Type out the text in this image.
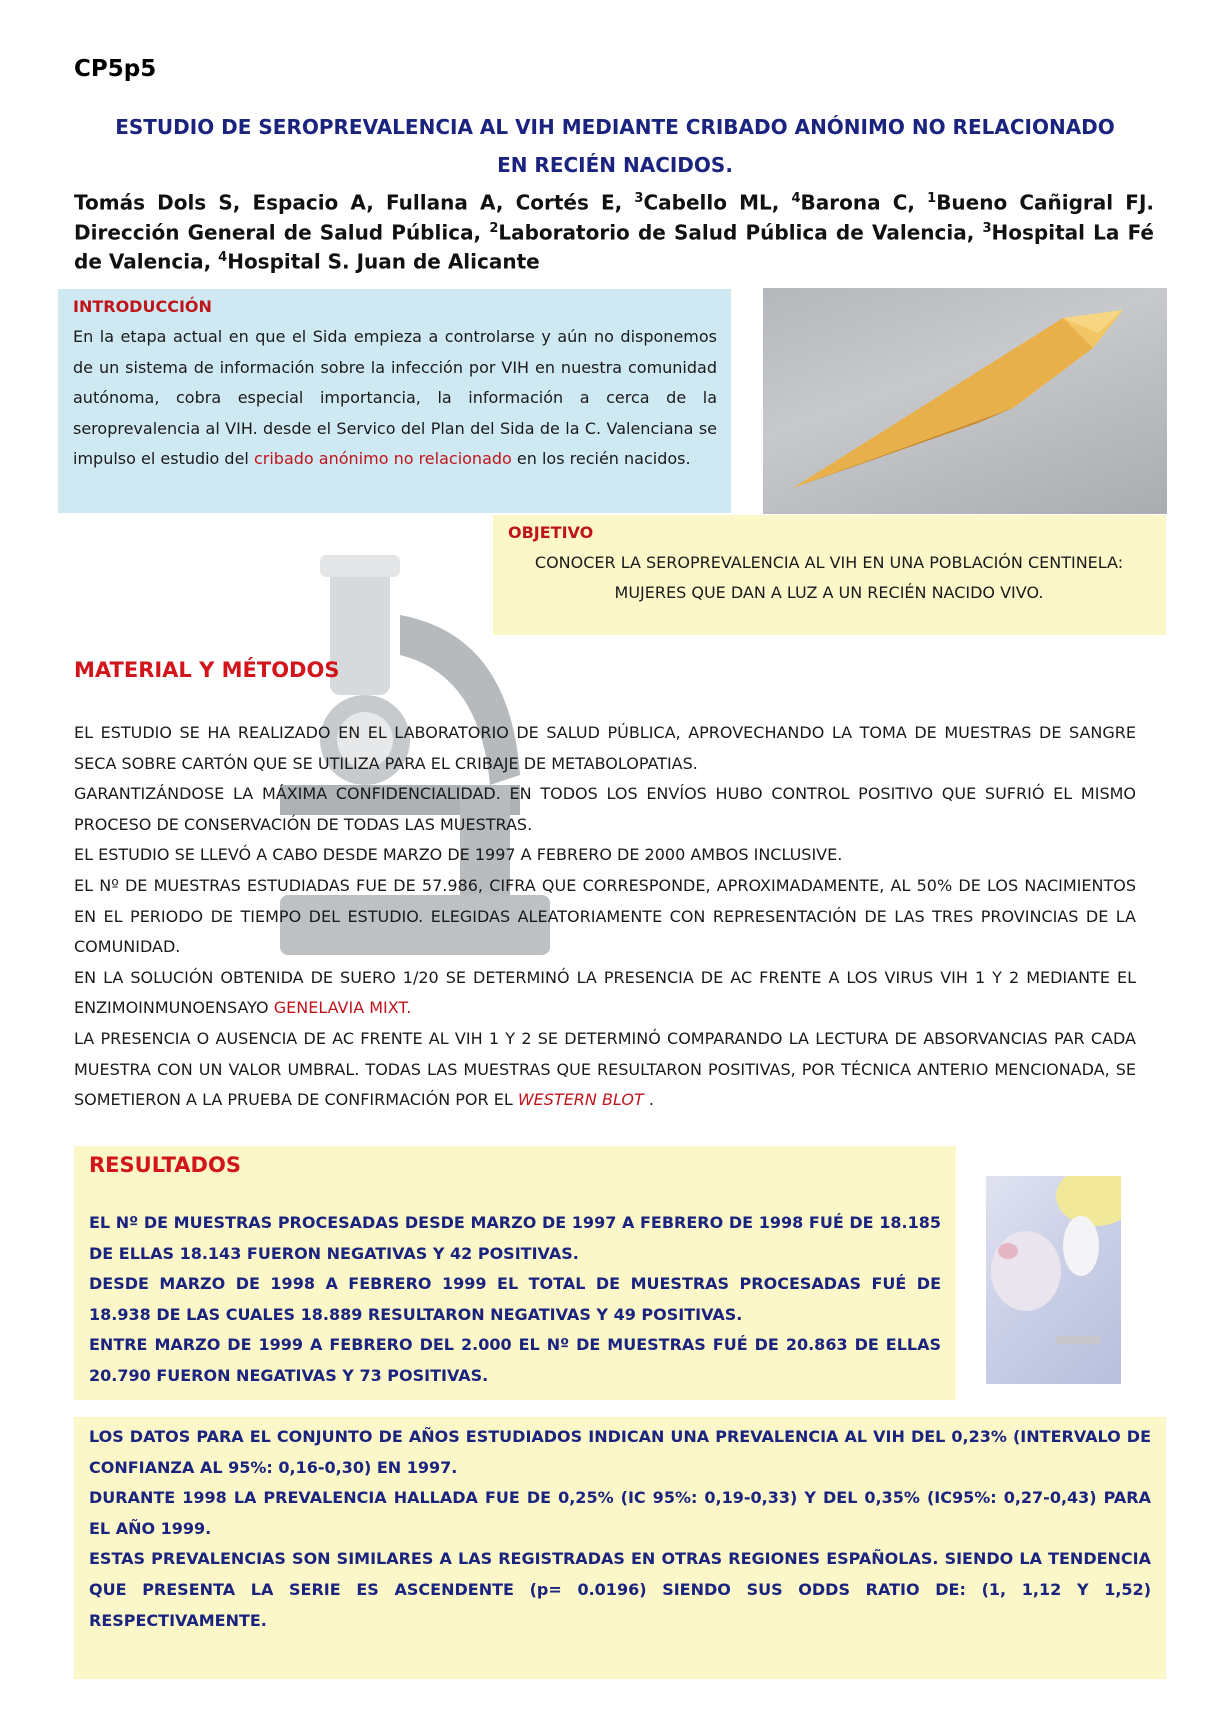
CP5p5
ESTUDIO DE SEROPREVALENCIA AL VIH MEDIANTE CRIBADO ANÓNIMO NO RELACIONADO
EN RECIÉN NACIDOS.
Tomás Dols S, Espacio A, Fullana A, Cortés E, $^3$Cabello ML, $^4$Barona C, $^1$Bueno Cañigral FJ. Dirección General de Salud Pública, $^2$Laboratorio de Salud Pública de Valencia, $^3$Hospital La Fé de Valencia, $^4$Hospital S. Juan de Alicante
INTRODUCCIÓN
En la etapa actual en que el Sida empieza a controlarse y aún no disponemos de un sistema de información sobre la infección por VIH en nuestra comunidad autónoma, cobra especial importancia, la información a cerca de la seroprevalencia al VIH. desde el Servico del Plan del Sida de la C. Valenciana se impulso el estudio del cribado anónimo no relacionado en los recién nacidos.
OBJETIVO
CONOCER LA SEROPREVALENCIA AL VIH EN UNA POBLACIÓN CENTINELA:
MUJERES QUE DAN A LUZ A UN RECIÉN NACIDO VIVO.
MATERIAL Y MÉTODOS

EL ESTUDIO SE HA REALIZADO EN EL LABORATORIO DE SALUD PÚBLICA, APROVECHANDO LA TOMA DE MUESTRAS DE SANGRE SECA SOBRE CARTÓN QUE SE UTILIZA PARA EL CRIBAJE DE METABOLOPATIAS.

GARANTIZÁNDOSE LA MÁXIMA CONFIDENCIALIDAD. EN TODOS LOS ENVÍOS HUBO CONTROL POSITIVO QUE SUFRIÓ EL MISMO PROCESO DE CONSERVACIÓN DE TODAS LAS MUESTRAS.

EL ESTUDIO SE LLEVÓ A CABO DESDE MARZO DE 1997 A FEBRERO DE 2000 AMBOS INCLUSIVE.

EL Nº DE MUESTRAS ESTUDIADAS FUE DE 57.986, CIFRA QUE CORRESPONDE, APROXIMADAMENTE, AL 50% DE LOS NACIMIENTOS EN EL PERIODO DE TIEMPO DEL ESTUDIO. ELEGIDAS ALEATORIAMENTE CON REPRESENTACIÓN DE LAS TRES PROVINCIAS DE LA COMUNIDAD.

EN LA SOLUCIÓN OBTENIDA DE SUERO 1/20 SE DETERMINÓ LA PRESENCIA DE AC FRENTE A LOS VIRUS VIH 1 Y 2 MEDIANTE EL ENZIMOINMUNOENSAYO GENELAVIA MIXT.

LA PRESENCIA O AUSENCIA DE AC FRENTE AL VIH 1 Y 2 SE DETERMINÓ COMPARANDO LA LECTURA DE ABSORVANCIAS PAR CADA MUESTRA CON UN VALOR UMBRAL. TODAS LAS MUESTRAS QUE RESULTARON POSITIVAS, POR TÉCNICA ANTERIO MENCIONADA, SE SOMETIERON A LA PRUEBA DE CONFIRMACIÓN POR EL WESTERN BLOT .

RESULTADOS

EL Nº DE MUESTRAS PROCESADAS DESDE MARZO DE 1997 A FEBRERO DE 1998 FUÉ DE 18.185 DE ELLAS 18.143 FUERON NEGATIVAS Y 42 POSITIVAS.

DESDE MARZO DE 1998 A FEBRERO 1999 EL TOTAL DE MUESTRAS PROCESADAS FUÉ DE 18.938 DE LAS CUALES 18.889 RESULTARON NEGATIVAS Y 49 POSITIVAS.

ENTRE MARZO DE 1999 A FEBRERO DEL 2.000 EL Nº DE MUESTRAS FUÉ DE 20.863 DE ELLAS 20.790 FUERON NEGATIVAS Y 73 POSITIVAS.

LOS DATOS PARA EL CONJUNTO DE AÑOS ESTUDIADOS INDICAN UNA PREVALENCIA AL VIH DEL 0,23% (INTERVALO DE CONFIANZA AL 95%: 0,16-0,30) EN 1997.

DURANTE 1998 LA PREVALENCIA HALLADA FUE DE 0,25% (IC 95%: 0,19-0,33) Y DEL 0,35% (IC95%: 0,27-0,43) PARA EL AÑO 1999.

ESTAS PREVALENCIAS SON SIMILARES A LAS REGISTRADAS EN OTRAS REGIONES ESPAÑOLAS. SIENDO LA TENDENCIA QUE PRESENTA LA SERIE ES ASCENDENTE (p= 0.0196) SIENDO SUS ODDS RATIO DE: (1, 1,12 Y 1,52) RESPECTIVAMENTE.
